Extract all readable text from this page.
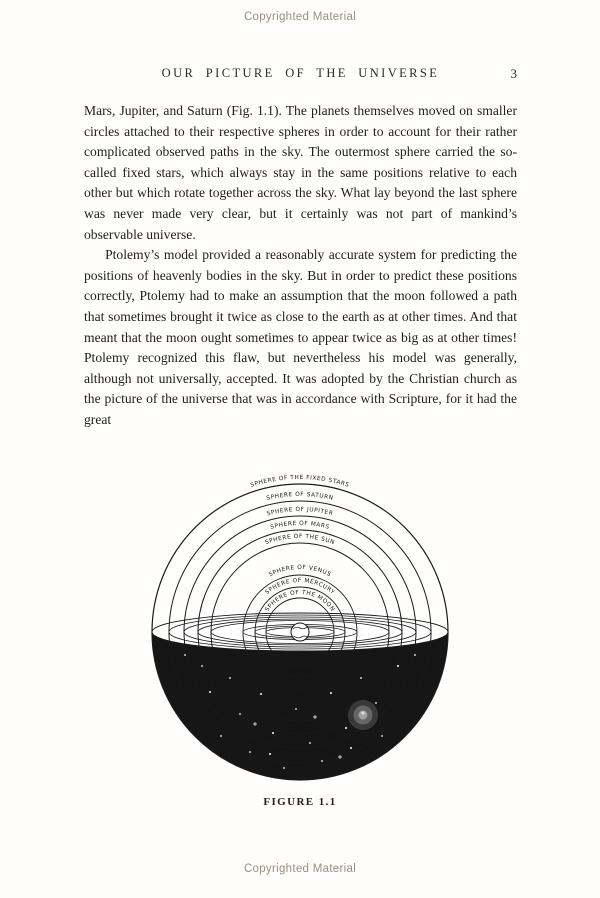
Copyrighted Material
OUR PICTURE OF THE UNIVERSE	3

Mars, Jupiter, and Saturn (Fig. 1.1). The planets themselves moved on smaller circles attached to their respective spheres in order to account for their rather complicated observed paths in the sky. The outermost sphere carried the so-called fixed stars, which always stay in the same positions relative to each other but which rotate together across the sky. What lay beyond the last sphere was never made very clear, but it certainly was not part of mankind’s observable universe.

Ptolemy’s model provided a reasonably accurate system for predicting the positions of heavenly bodies in the sky. But in order to predict these positions correctly, Ptolemy had to make an assumption that the moon followed a path that sometimes brought it twice as close to the earth as at other times. And that meant that the moon ought sometimes to appear twice as big as at other times! Ptolemy recognized this flaw, but nevertheless his model was generally, although not universally, accepted. It was adopted by the Christian church as the picture of the universe that was in accordance with Scripture, for it had the great

SPHERE OF THE FIXED STARS
SPHERE OF SATURN
SPHERE OF JUPITER
SPHERE OF MARS
SPHERE OF THE SUN
SPHERE OF VENUS
SPHERE OF MERCURY
SPHERE OF THE MOON
FIGURE 1.1
Copyrighted Material
